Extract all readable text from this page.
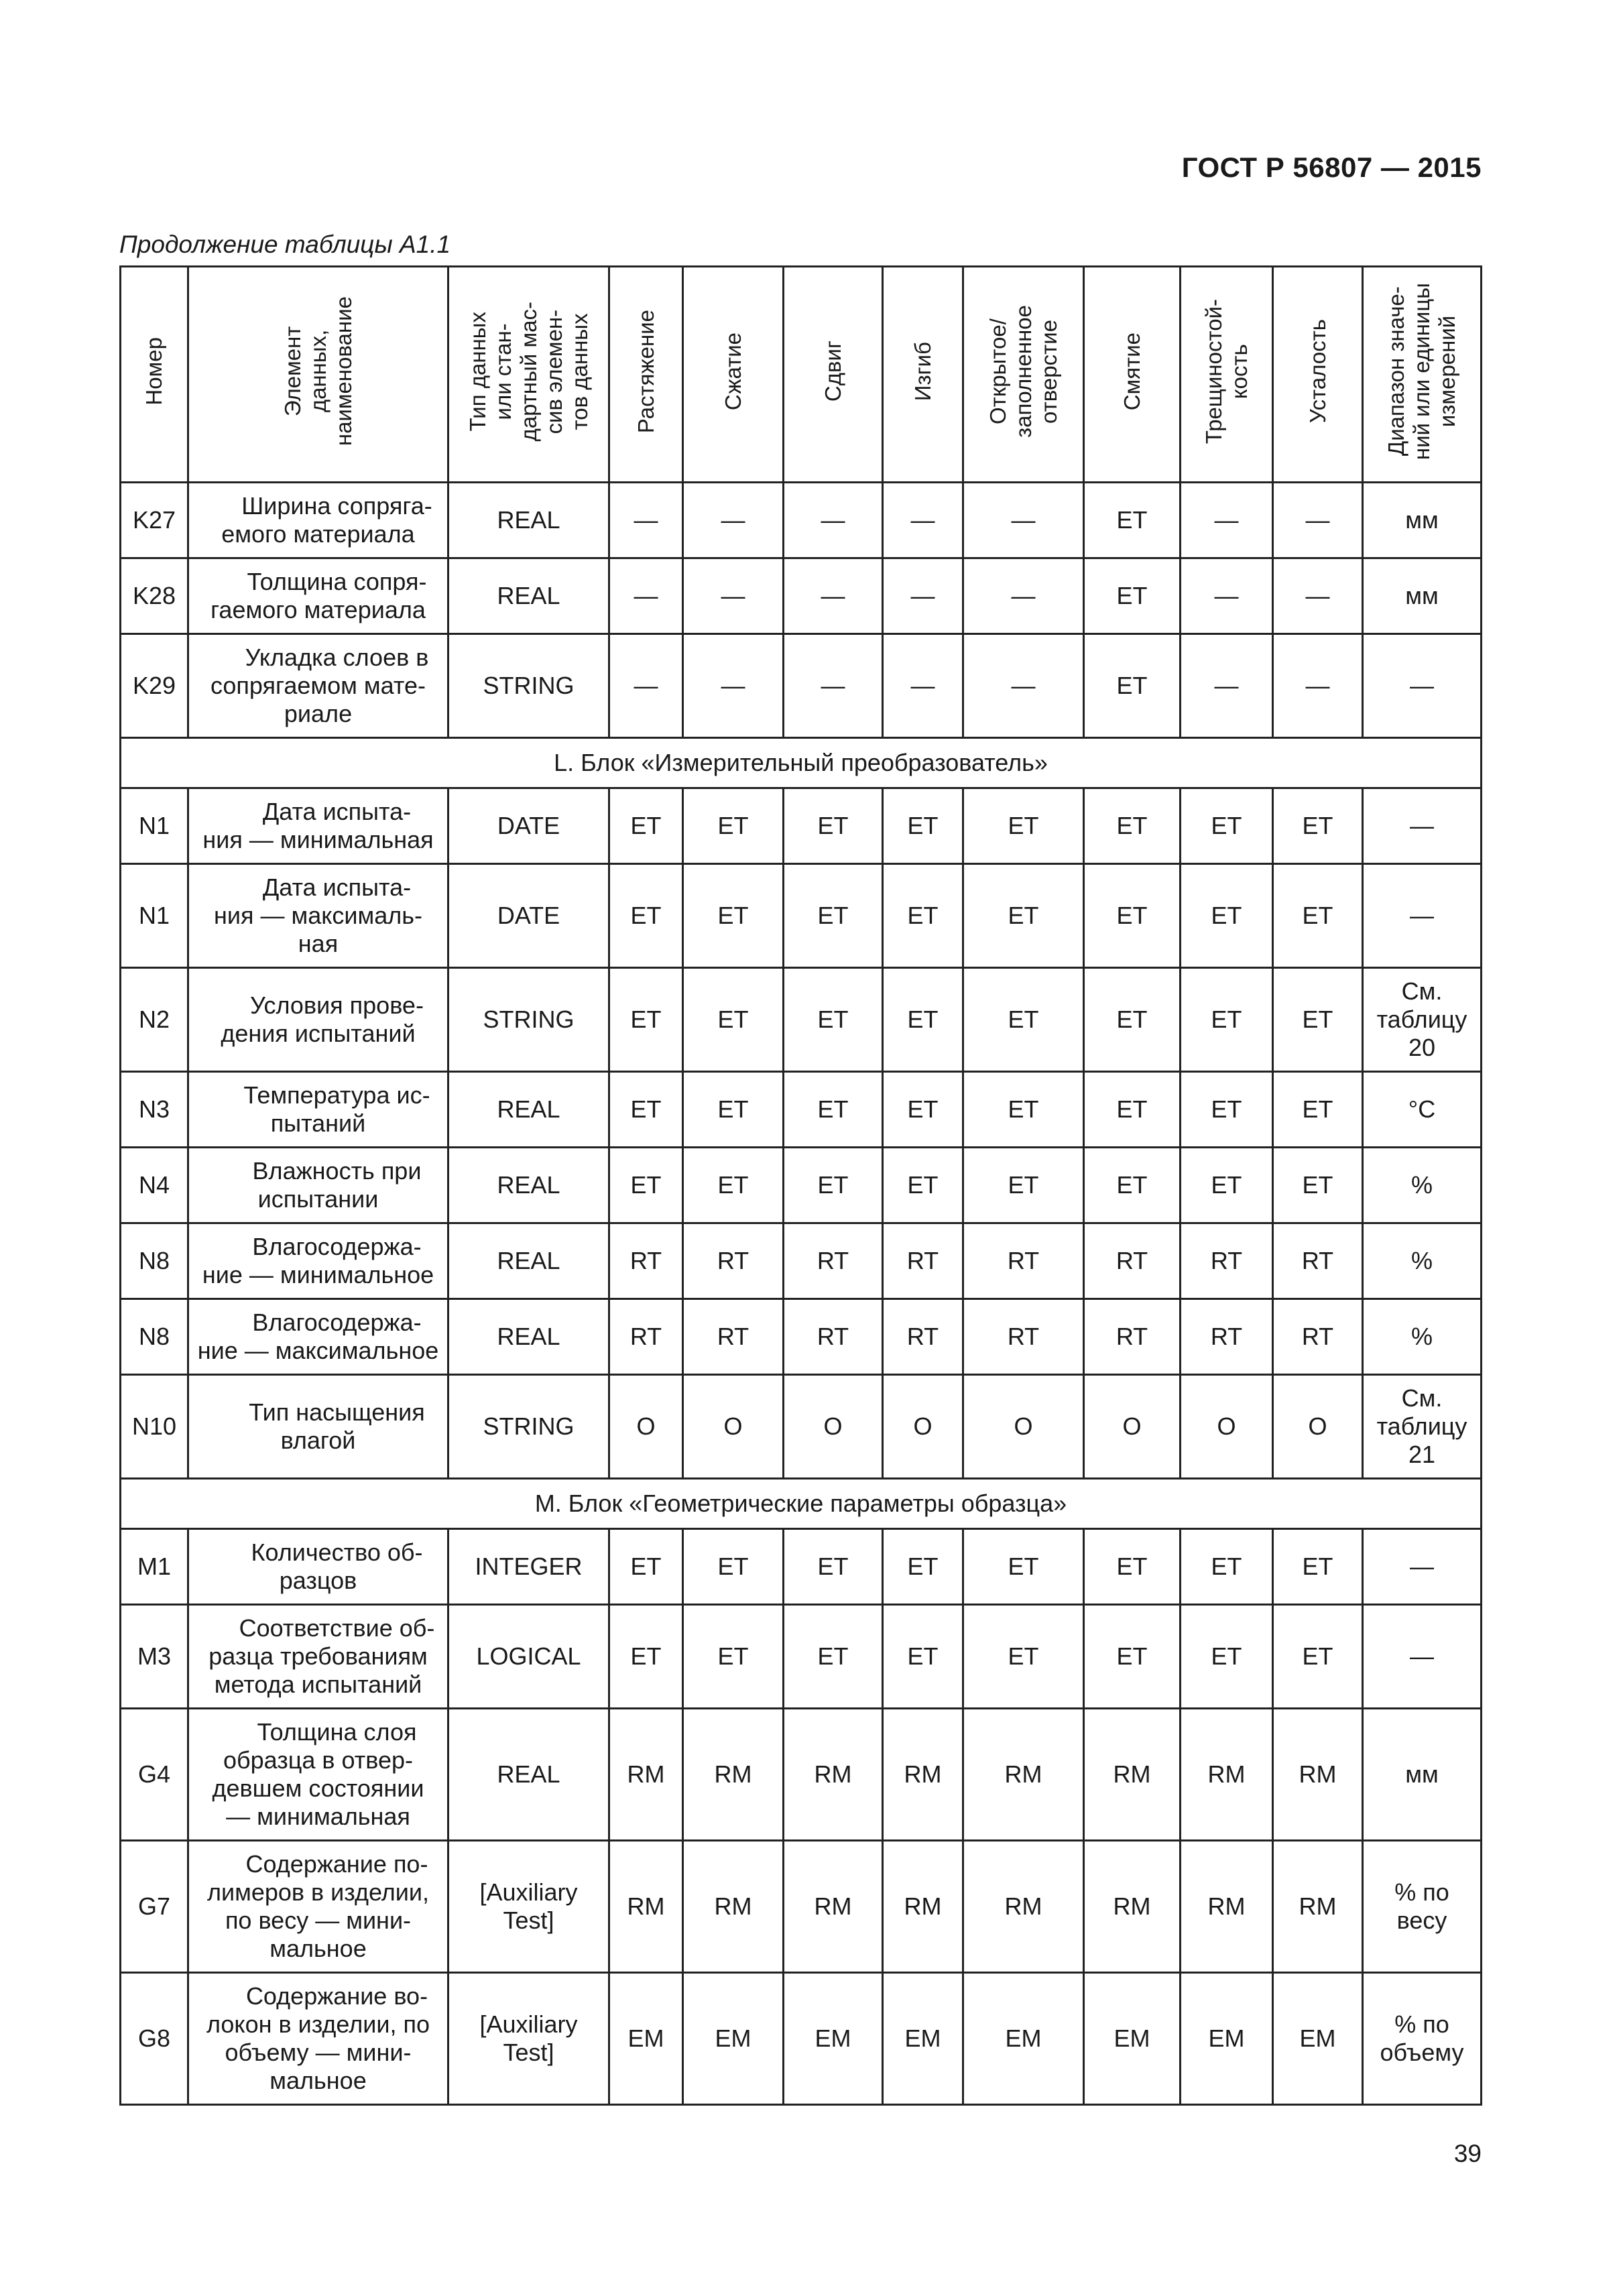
ГОСТ Р 56807 — 2015
Продолжение таблицы А1.1
Номер	Элемент
данных,
наименование	Тип данных
или стан-
дартный мас-
сив элемен-
тов данных	Растяжение	Сжатие	Сдвиг	Изгиб	Открытое/
заполненное
отверстие	Смятие	Трещиностой-
кость	Усталость	Диапазон значе-
ний или единицы
измерений

K27	Ширина сопряга-
емого материала	REAL	—	—	—	—	—	ET	—	—	мм
K28	Толщина сопря-
гаемого материала	REAL	—	—	—	—	—	ET	—	—	мм
K29	Укладка слоев в
сопрягаемом мате-
риале	STRING	—	—	—	—	—	ET	—	—	—
L. Блок «Измерительный преобразователь»											
N1	Дата испыта-
ния — минимальная	DATE	ET	ET	ET	ET	ET	ET	ET	ET	—
N1	Дата испыта-
ния — максималь-
ная	DATE	ET	ET	ET	ET	ET	ET	ET	ET	—
N2	Условия прове-
дения испытаний	STRING	ET	ET	ET	ET	ET	ET	ET	ET	См.
таблицу
20
N3	Температура ис-
пытаний	REAL	ET	ET	ET	ET	ET	ET	ET	ET	°C
N4	Влажность при
испытании	REAL	ET	ET	ET	ET	ET	ET	ET	ET	%
N8	Влагосодержа-
ние — минимальное	REAL	RT	RT	RT	RT	RT	RT	RT	RT	%
N8	Влагосодержа-
ние — максимальное	REAL	RT	RT	RT	RT	RT	RT	RT	RT	%
N10	Тип насыщения
влагой	STRING	O	O	O	O	O	O	O	O	См.
таблицу
21
M. Блок «Геометрические параметры образца»											
M1	Количество об-
разцов	INTEGER	ET	ET	ET	ET	ET	ET	ET	ET	—
M3	Соответствие об-
разца требованиям
метода испытаний	LOGICAL	ET	ET	ET	ET	ET	ET	ET	ET	—
G4	Толщина слоя
образца в отвер-
девшем состоянии
— минимальная	REAL	RM	RM	RM	RM	RM	RM	RM	RM	мм
G7	Содержание по-
лимеров в изделии,
по весу — мини-
мальное	[Auxiliary
Test]	RM	RM	RM	RM	RM	RM	RM	RM	% по
весу
G8	Содержание во-
локон в изделии, по
объему — мини-
мальное	[Auxiliary
Test]	EM	EM	EM	EM	EM	EM	EM	EM	% по
объему
39
